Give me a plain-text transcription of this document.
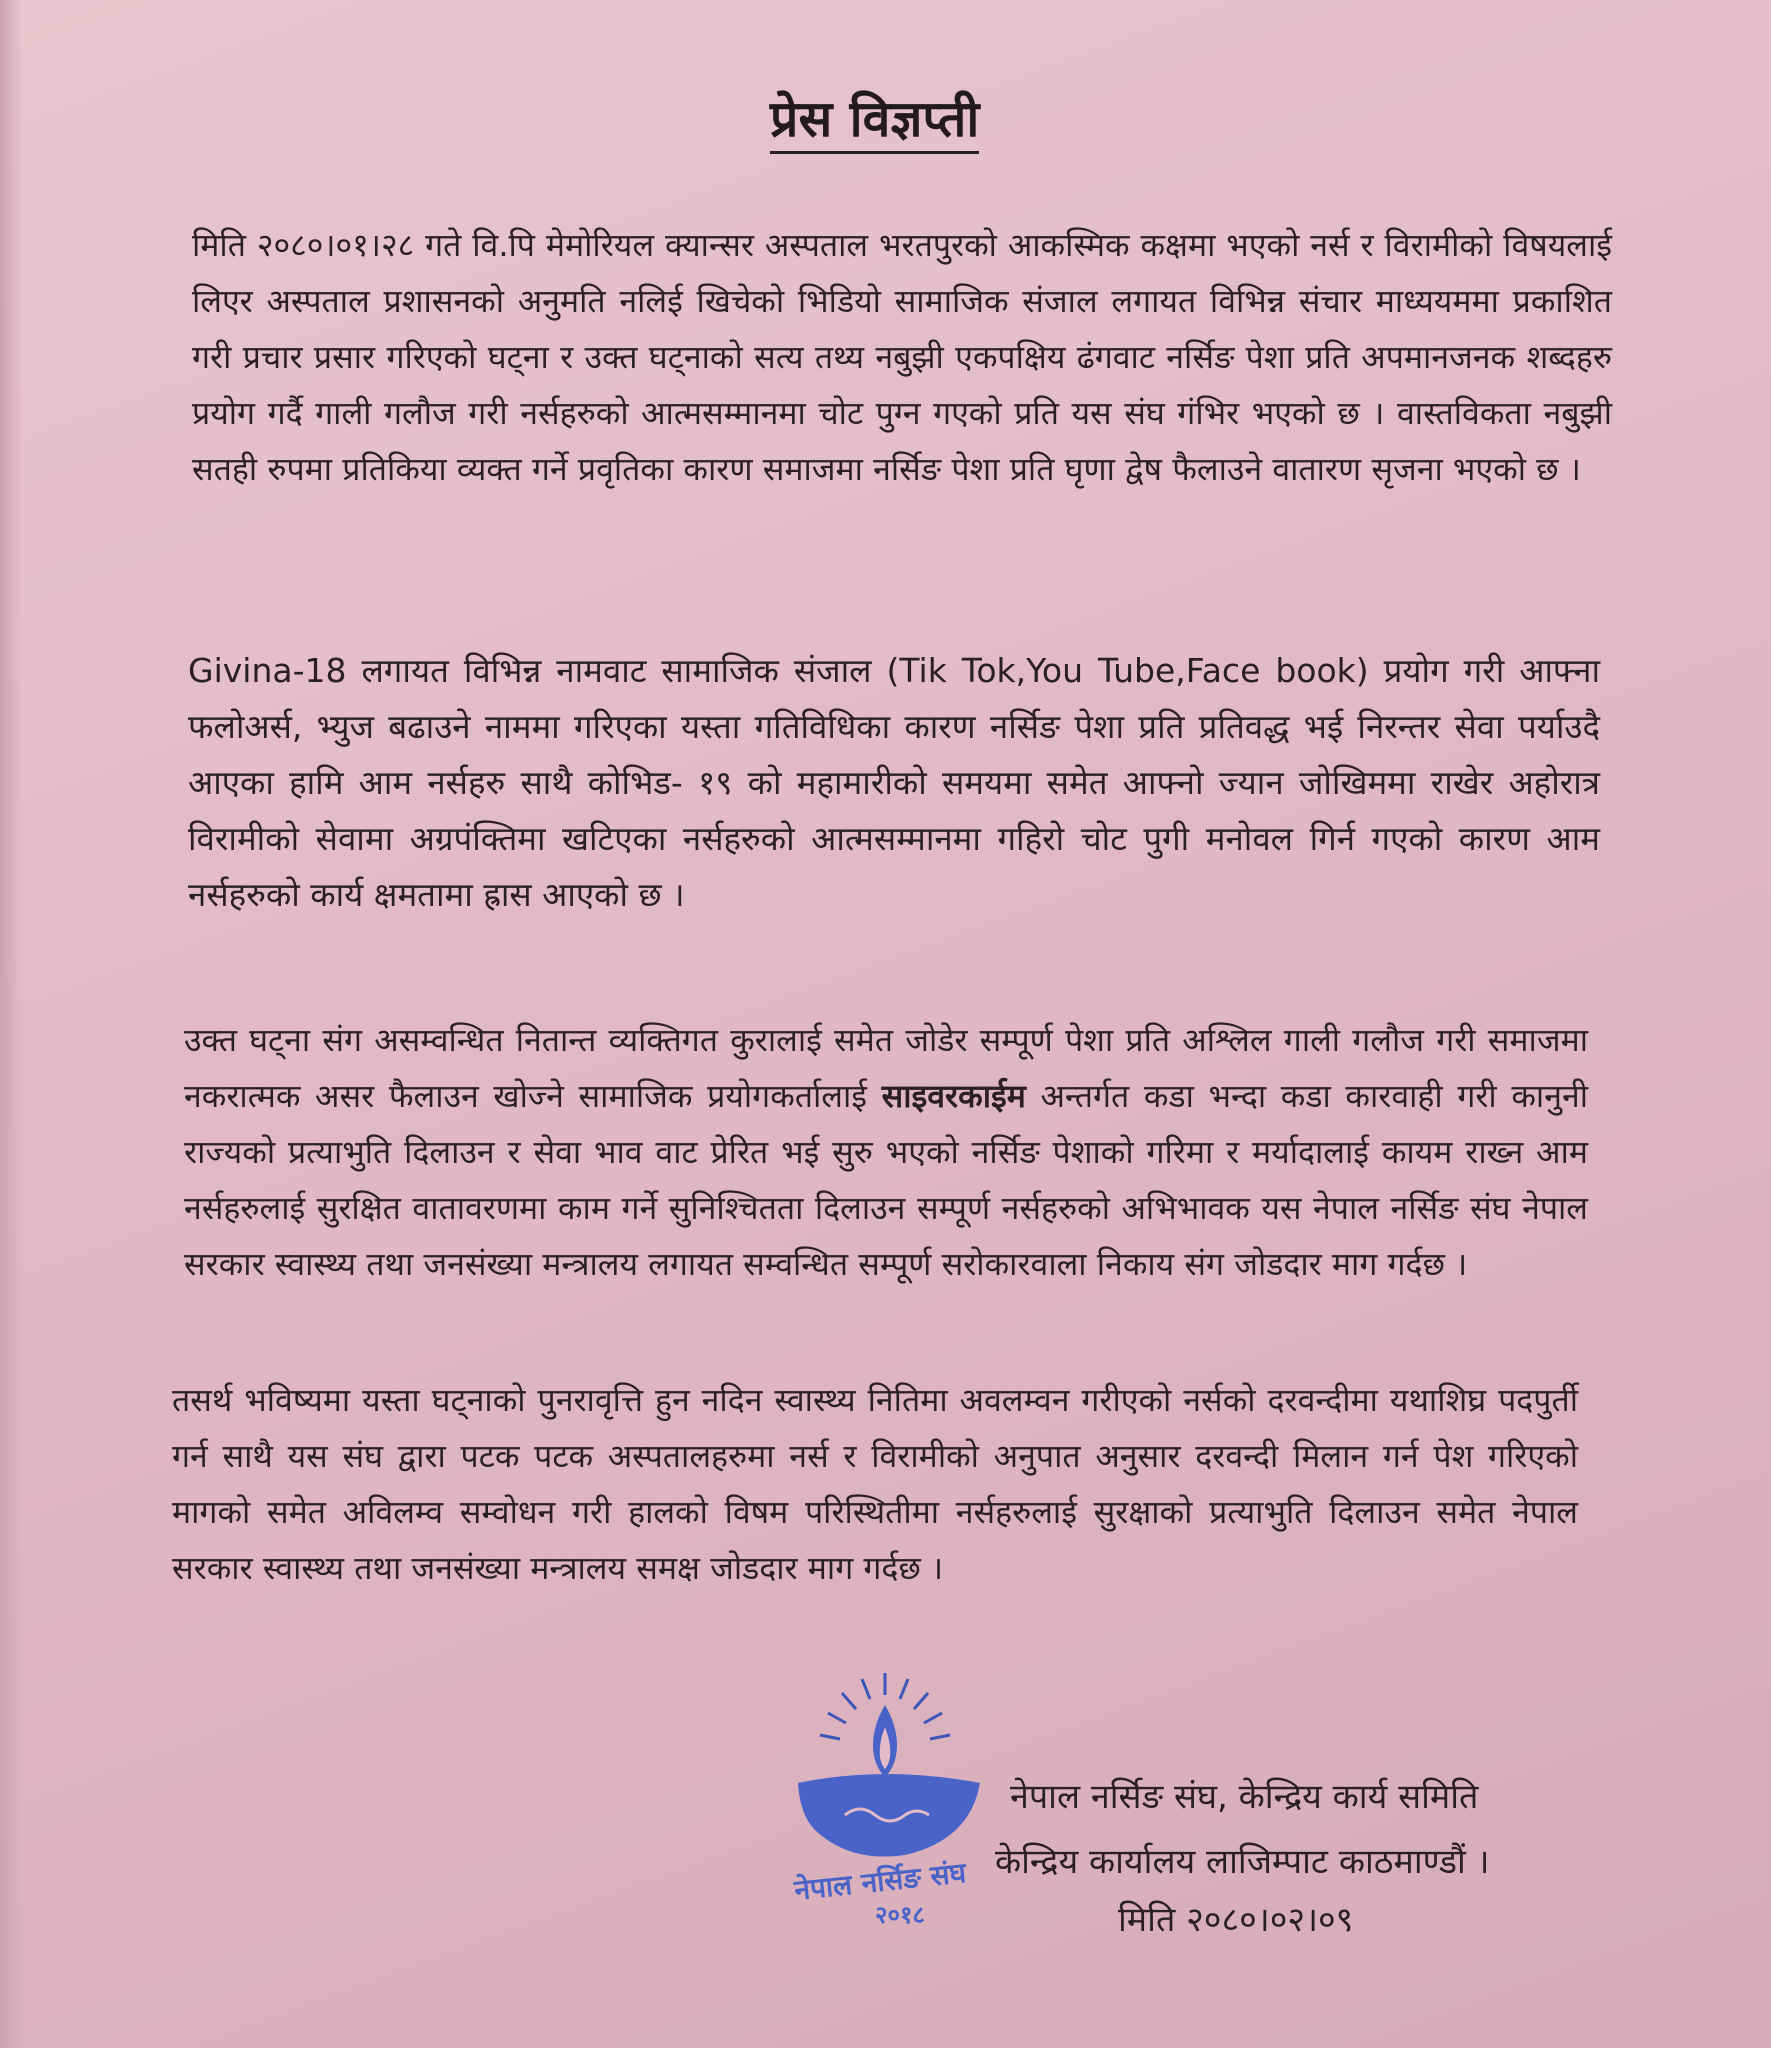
प्रेस विज्ञप्ती

मिति २०८०।०१।२८ गते वि.पि मेमोरियल क्यान्सर अस्पताल भरतपुरको आकस्मिक कक्षमा भएको नर्स र विरामीको विषयलाई लिएर अस्पताल प्रशासनको अनुमति नलिई खिचेको भिडियो सामाजिक संजाल लगायत विभिन्न संचार माध्ययममा प्रकाशित गरी प्रचार प्रसार गरिएको घट्ना र उक्त घट्नाको सत्य तथ्य नबुझी एकपक्षिय ढंगवाट नर्सिङ पेशा प्रति अपमानजनक शब्दहरु प्रयोग गर्दै गाली गलौज गरी नर्सहरुको आत्मसम्मानमा चोट पुग्न गएको प्रति यस संघ गंभिर भएको छ । वास्तविकता नबुझी सतही रुपमा प्रतिकिया व्यक्त गर्ने प्रवृतिका कारण समाजमा नर्सिङ पेशा प्रति घृणा द्वेष फैलाउने वातारण सृजना भएको छ ।

Givina-18 लगायत विभिन्न नामवाट सामाजिक संजाल (Tik Tok,You Tube,Face book) प्रयोग गरी आफ्ना फलोअर्स, भ्युज बढाउने नाममा गरिएका यस्ता गतिविधिका कारण नर्सिङ पेशा प्रति प्रतिवद्ध भई निरन्तर सेवा पर्याउदै आएका हामि आम नर्सहरु साथै कोभिड- १९ को महामारीको समयमा समेत आफ्नो ज्यान जोखिममा राखेर अहोरात्र विरामीको सेवामा अग्रपंक्तिमा खटिएका नर्सहरुको आत्मसम्मानमा गहिरो चोट पुगी मनोवल गिर्न गएको कारण आम नर्सहरुको कार्य क्षमतामा ह्रास आएको छ ।

उक्त घट्ना संग असम्वन्धित नितान्त व्यक्तिगत कुरालाई समेत जोडेर सम्पूर्ण पेशा प्रति अश्लिल गाली गलौज गरी समाजमा नकरात्मक असर फैलाउन खोज्ने सामाजिक प्रयोगकर्तालाई साइवरकाईम अन्तर्गत कडा भन्दा कडा कारवाही गरी कानुनी राज्यको प्रत्याभुति दिलाउन र सेवा भाव वाट प्रेरित भई सुरु भएको नर्सिङ पेशाको गरिमा र मर्यादालाई कायम राख्न आम नर्सहरुलाई सुरक्षित वातावरणमा काम गर्ने सुनिश्चितता दिलाउन सम्पूर्ण नर्सहरुको अभिभावक यस नेपाल नर्सिङ संघ नेपाल सरकार स्वास्थ्य तथा जनसंख्या मन्त्रालय लगायत सम्वन्धित सम्पूर्ण सरोकारवाला निकाय संग जोडदार माग गर्दछ ।

तसर्थ भविष्यमा यस्ता घट्नाको पुनरावृत्ति हुन नदिन स्वास्थ्य नितिमा अवलम्वन गरीएको नर्सको दरवन्दीमा यथाशिघ्र पदपुर्ती गर्न साथै यस संघ द्वारा पटक पटक अस्पतालहरुमा नर्स र विरामीको अनुपात अनुसार दरवन्दी मिलान गर्न पेश गरिएको मागको समेत अविलम्व सम्वोधन गरी हालको विषम परिस्थितीमा नर्सहरुलाई सुरक्षाको प्रत्याभुति दिलाउन समेत नेपाल सरकार स्वास्थ्य तथा जनसंख्या मन्त्रालय समक्ष जोडदार माग गर्दछ ।

नेपाल नर्सिङ संघ
२०१८
नेपाल नर्सिङ संघ, केन्द्रिय कार्य समिति
केन्द्रिय कार्यालय लाजिम्पाट काठमाण्डौं ।
मिति २०८०।०२।०९
